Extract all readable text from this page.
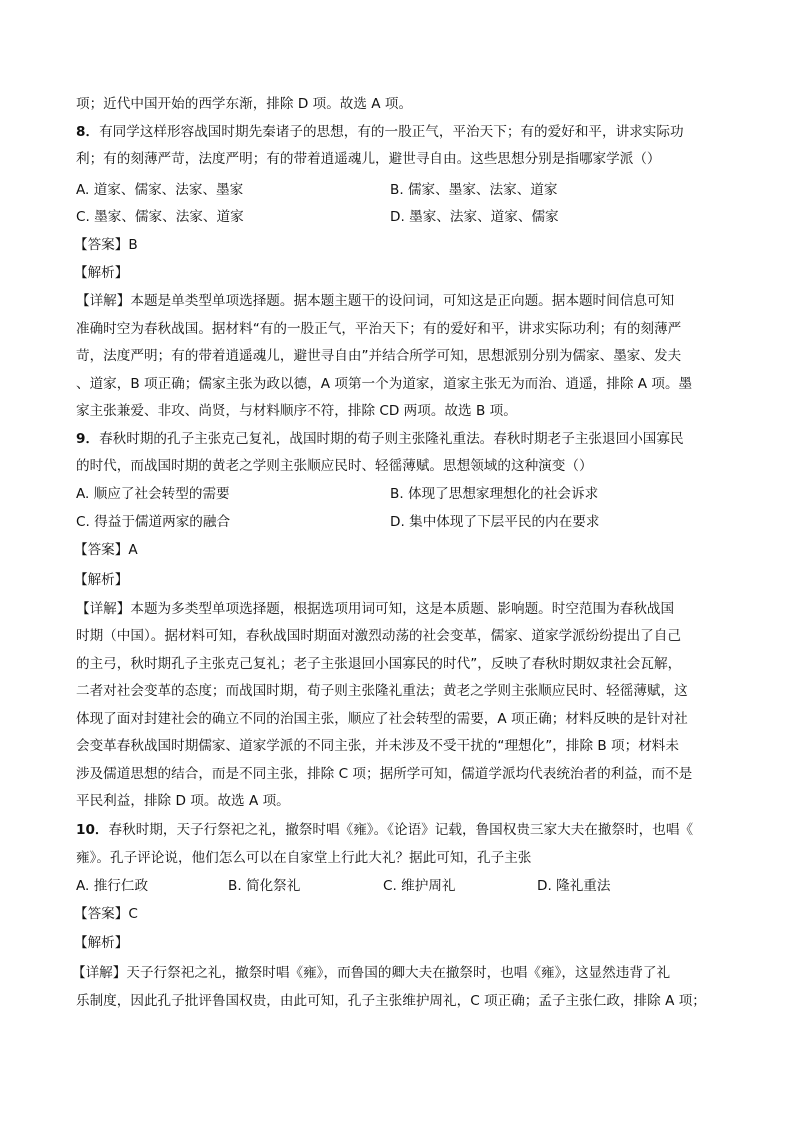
项；近代中国开始的西学东渐，排除 D 项。故选 A 项。
8．有同学这样形容战国时期先秦诸子的思想，有的一股正气，平治天下；有的爱好和平，讲求实际功
利；有的刻薄严苛，法度严明；有的带着逍遥魂儿，避世寻自由。这些思想分别是指哪家学派（）
A. 道家、儒家、法家、墨家	B. 儒家、墨家、法家、道家
C. 墨家、儒家、法家、道家	D. 墨家、法家、道家、儒家
【答案】B
【解析】
【详解】本题是单类型单项选择题。据本题主题干的设问词，可知这是正向题。据本题时间信息可知
准确时空为春秋战国。据材料“有的一股正气，平治天下；有的爱好和平，讲求实际功利；有的刻薄严
苛，法度严明；有的带着逍遥魂儿，避世寻自由”并结合所学可知，思想派别分别为儒家、墨家、发夫
、道家，B 项正确；儒家主张为政以德，A 项第一个为道家，道家主张无为而治、逍遥，排除 A 项。墨
家主张兼爱、非攻、尚贤，与材料顺序不符，排除 CD 两项。故选 B 项。
9．春秋时期的孔子主张克己复礼，战国时期的荀子则主张隆礼重法。春秋时期老子主张退回小国寡民
的时代，而战国时期的黄老之学则主张顺应民时、轻徭薄赋。思想领域的这种演变（）
A. 顺应了社会转型的需要	B. 体现了思想家理想化的社会诉求
C. 得益于儒道两家的融合	D. 集中体现了下层平民的内在要求
【答案】A
【解析】
【详解】本题为多类型单项选择题，根据选项用词可知，这是本质题、影响题。时空范围为春秋战国
时期（中国）。据材料可知，春秋战国时期面对激烈动荡的社会变革，儒家、道家学派纷纷提出了自己
的主弓，秋时期孔子主张克己复礼；老子主张退回小国寡民的时代”，反映了春秋时期奴隶社会瓦解，
二者对社会变革的态度；而战国时期，荀子则主张隆礼重法；黄老之学则主张顺应民时、轻徭薄赋，这
体现了面对封建社会的确立不同的治国主张，顺应了社会转型的需要，A 项正确；材料反映的是针对社
会变革春秋战国时期儒家、道家学派的不同主张，并未涉及不受干扰的“理想化”，排除 B 项；材料未
涉及儒道思想的结合，而是不同主张，排除 C 项；据所学可知，儒道学派均代表统治者的利益，而不是
平民利益，排除 D 项。故选 A 项。
10．春秋时期，天子行祭祀之礼，撤祭时唱《雍》。《论语》记载，鲁国权贵三家大夫在撤祭时，也唱《
雍》。孔子评论说，他们怎么可以在自家堂上行此大礼？据此可知，孔子主张
A. 推行仁政	B. 简化祭礼	C. 维护周礼	D. 隆礼重法
【答案】C
【解析】
【详解】天子行祭祀之礼，撤祭时唱《雍》，而鲁国的卿大夫在撤祭时，也唱《雍》，这显然违背了礼
乐制度，因此孔子批评鲁国权贵，由此可知，孔子主张维护周礼，C 项正确；孟子主张仁政，排除 A 项；
